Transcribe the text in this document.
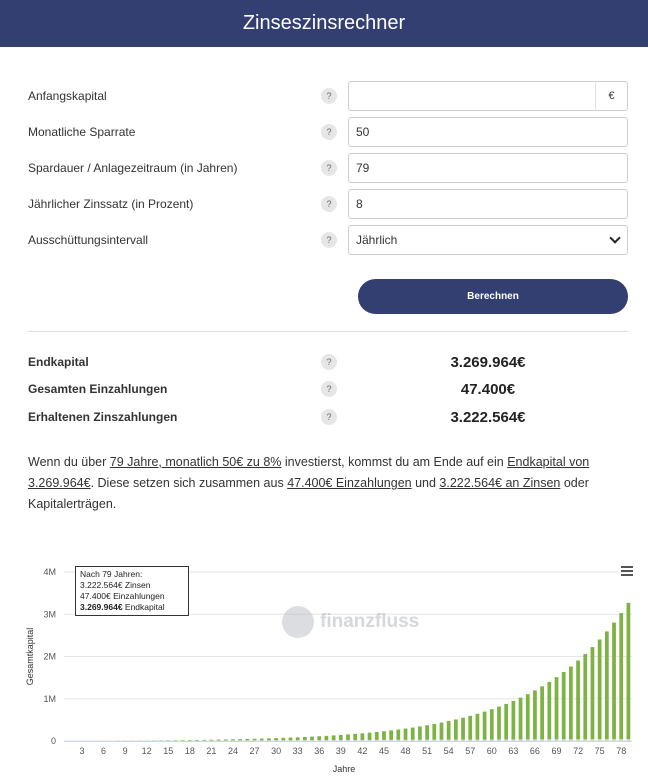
Zinseszinsrechner
Anfangskapital	?	€
Monatliche Sparrate	?	50
Spardauer / Anlagezeitraum (in Jahren)	?	79
Jährlicher Zinssatz (in Prozent)	?	8
Ausschüttungsintervall	?	Jährlich
Berechnen
Endkapital	?	3.269.964€
Gesamten Einzahlungen	?	47.400€
Erhaltenen Zinszahlungen	?	3.222.564€

Wenn du über 79 Jahre, monatlich 50€ zu 8% investierst, kommst du am Ende auf ein Endkapital von 3.269.964€. Diese setzen sich zusammen aus 47.400€ Einzahlungen und 3.222.564€ an Zinsen oder Kapitalerträgen.

0
1M
2M
3M
4M
Gesamtkapital
3 6 9 12 15 18 21 24 27 30 33 36 39 42 45 48 51 54 57 60 63 66 69 72 75 78
Jahre
finanzfluss
Nach 79 Jahren:
3.222.564€ Zinsen
47.400€ Einzahlungen
3.269.964€ Endkapital
